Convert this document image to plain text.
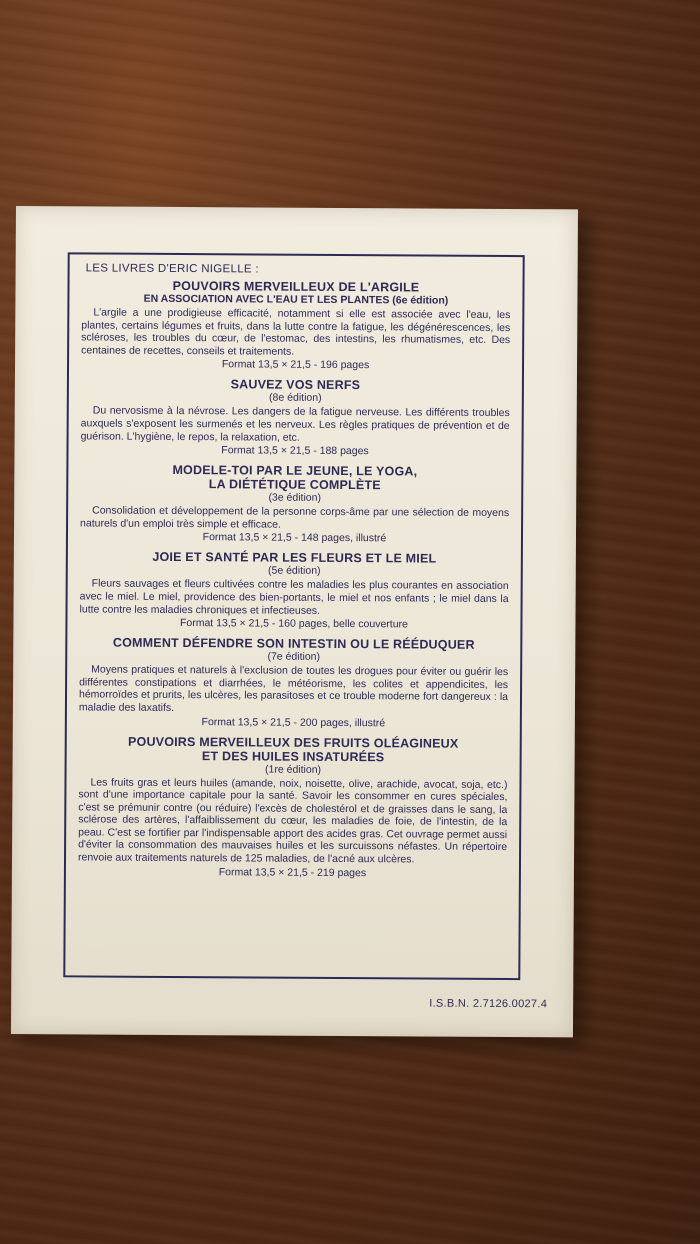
LES LIVRES D'ERIC NIGELLE :

POUVOIRS MERVEILLEUX DE L'ARGILE

EN ASSOCIATION AVEC L'EAU ET LES PLANTES (6e édition)

L'argile a une prodigieuse efficacité, notamment si elle est associée avec l'eau, les plantes, certains légumes et fruits, dans la lutte contre la fatigue, les dégénérescences, les scléroses, les troubles du cœur, de l'estomac, des intestins, les rhumatismes, etc. Des centaines de recettes, conseils et traitements.

Format 13,5 × 21,5 - 196 pages

SAUVEZ VOS NERFS

(8e édition)

Du nervosisme à la névrose. Les dangers de la fatigue nerveuse. Les différents troubles auxquels s'exposent les surmenés et les nerveux. Les règles pratiques de prévention et de guérison. L'hygiène, le repos, la relaxation, etc.

Format 13,5 × 21,5 - 188 pages

MODELE-TOI PAR LE JEUNE, LE YOGA,
LA DIÉTÉTIQUE COMPLÈTE

(3e édition)

Consolidation et développement de la personne corps-âme par une sélection de moyens naturels d'un emploi très simple et efficace.

Format 13,5 × 21,5 - 148 pages, illustré

JOIE ET SANTÉ PAR LES FLEURS ET LE MIEL

(5e édition)

Fleurs sauvages et fleurs cultivées contre les maladies les plus courantes en association avec le miel. Le miel, providence des bien-portants, le miel et nos enfants ; le miel dans la lutte contre les maladies chroniques et infectieuses.

Format 13,5 × 21,5 - 160 pages, belle couverture

COMMENT DÉFENDRE SON INTESTIN OU LE RÉÉDUQUER

(7e édition)

Moyens pratiques et naturels à l'exclusion de toutes les drogues pour éviter ou guérir les différentes constipations et diarrhées, le météorisme, les colites et appendicites, les hémorroïdes et prurits, les ulcères, les parasitoses et ce trouble moderne fort dangereux : la maladie des laxatifs.

Format 13,5 × 21,5 - 200 pages, illustré

POUVOIRS MERVEILLEUX DES FRUITS OLÉAGINEUX
ET DES HUILES INSATURÉES

(1re édition)

Les fruits gras et leurs huiles (amande, noix, noisette, olive, arachide, avocat, soja, etc.) sont d'une importance capitale pour la santé. Savoir les consommer en cures spéciales, c'est se prémunir contre (ou réduire) l'excès de cholestérol et de graisses dans le sang, la sclérose des artères, l'affaiblissement du cœur, les maladies de foie, de l'intestin, de la peau. C'est se fortifier par l'indispensable apport des acides gras. Cet ouvrage permet aussi d'éviter la consommation des mauvaises huiles et les surcuissons néfastes. Un répertoire renvoie aux traitements naturels de 125 maladies, de l'acné aux ulcères.

Format 13,5 × 21,5 - 219 pages

I.S.B.N. 2.7126.0027.4
